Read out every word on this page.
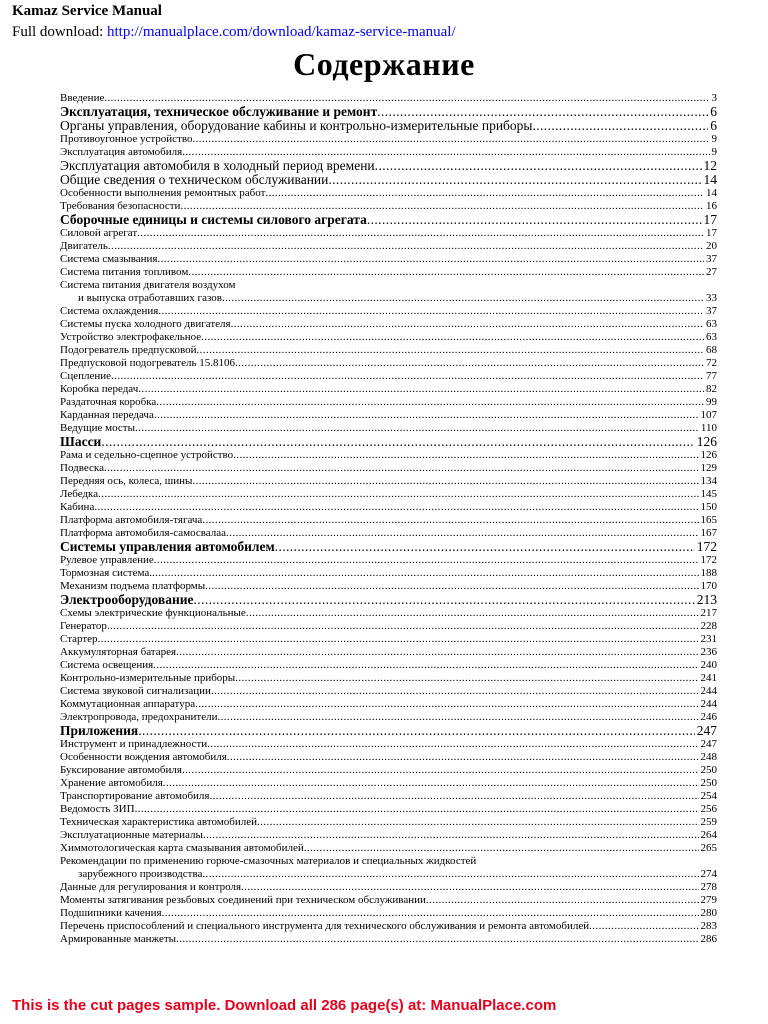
Kamaz Service Manual
Full download: http://manualplace.com/download/kamaz-service-manual/
Содержание
Введение .....	3
Эксплуатация, техническое обслуживание и ремонт .....	6
Органы управления, оборудование кабины и контрольно-измерительные приборы .....	6
Противоугонное устройство .....	9
Эксплуатация автомобиля .....	9
Эксплуатация автомобиля в холодный период времени .....	12
Общие сведения о техническом обслуживании .....	14
Особенности выполнения ремонтных работ .....	14
Требования безопасности .....	16
Сборочные единицы и системы силового агрегата .....	17
Силовой агрегат .....	17
Двигатель .....	20
Система смазывания .....	37
Система питания топливом .....	27
Система питания двигателя воздухом
и выпуска отработавших газов .....	33
Система охлаждения .....	37
Системы пуска холодного двигателя .....	63
Устройство электрофакельное .....	63
Подогреватель предпусковой .....	68
Предпусковой подогреватель 15.8106 .....	72
Сцепление .....	77
Коробка передач .....	82
Раздаточная коробка .....	99
Карданная передача .....	107
Ведущие мосты .....	110
Шасси .....	126
Рама и седельно-сцепное устройство .....	126
Подвеска .....	129
Передняя ось, колеса, шины .....	134
Лебедка .....	145
Кабина .....	150
Платформа автомобиля-тягача .....	165
Платформа автомобиля-самосвалаа .....	167
Системы управления автомобилем .....	172
Рулевое управление .....	172
Тормозная система. .....	188
Механизм подъема платформы .....	170
Электрооборудование .....	213
Схемы электрические функциональные .....	217
Генератор .....	228
Стартер .....	231
Аккумуляторная батарея .....	236
Система освещения .....	240
Контрольно-измерительные приборы .....	241
Система звуковой сигнализации .....	244
Коммутационная аппаратура .....	244
Электропровода, предохранители .....	246
Приложения .....	247
Инструмент и принадлежности .....	247
Особенности вождения автомобиля .....	248
Буксирование автомобиля .....	250
Хранение автомобиля .....	250
Транспортирование автомобиля .....	254
Ведомость ЗИП .....	256
Техническая характеристика автомобилей .....	259
Эксплуатационные материалы .....	264
Химмотологическая карта смазывания автомобилей .....	265
Рекомендации по применению горюче-смазочных материалов и специальных жидкостей
зарубежного производства .....	274
Данные для регулирования и контроля .....	278
Моменты затягивания резьбовых соединений при техническом обслуживании .....	279
Подшипники качения .....	280
Перечень приспособлений и специального инструмента для технического обслуживания и ремонта автомобилей .....	283
Армированные манжеты .....	286
This is the cut pages sample. Download all 286 page(s) at: ManualPlace.com
